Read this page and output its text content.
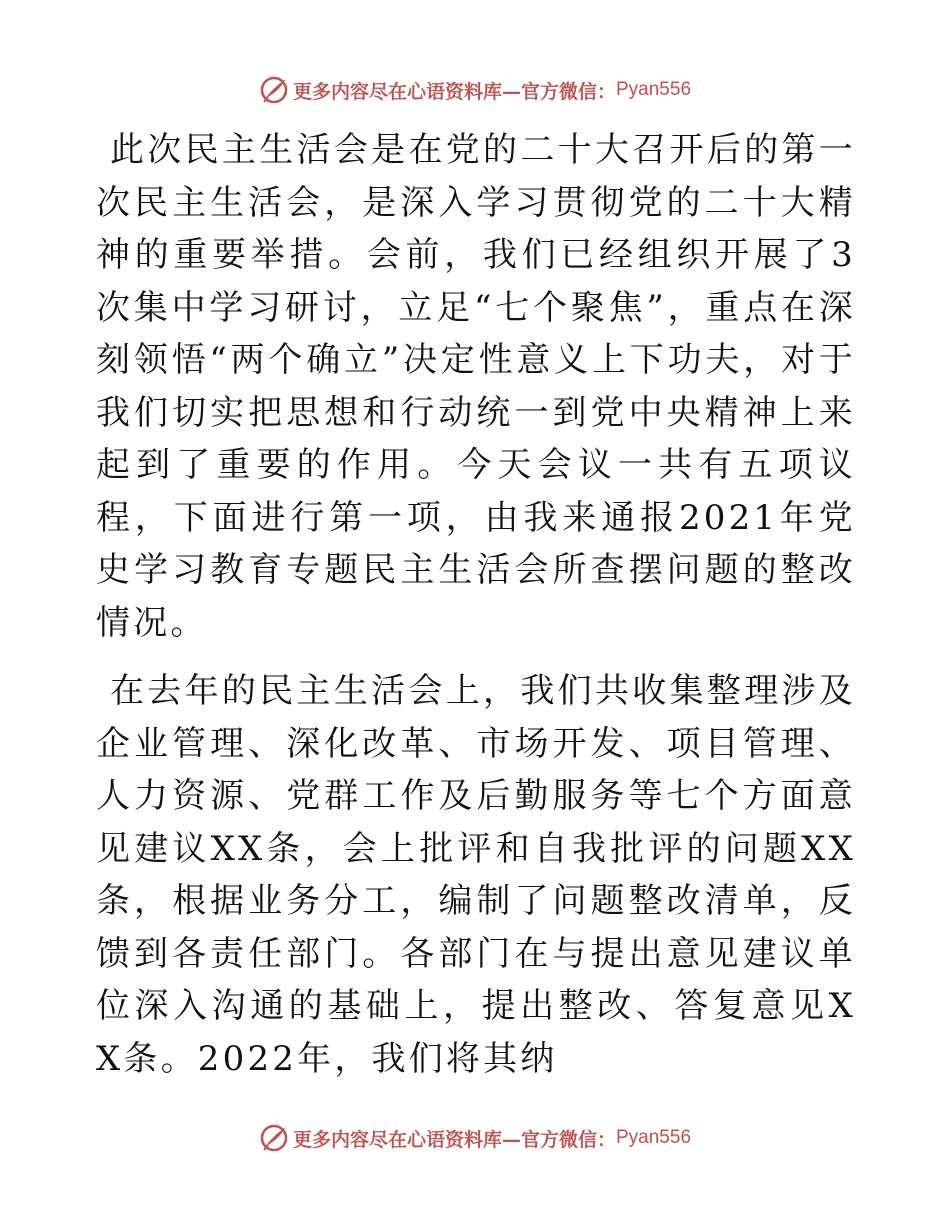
更多内容尽在心语资料库—官方微信： Pyan556

此次民主生活会是在党的二十大召开后的第一次民主生活会，是深入学习贯彻党的二十大精神的重要举措。会前，我们已经组织开展了3次集中学习研讨，立足“七个聚焦”，重点在深刻领悟“两个确立”决定性意义上下功夫，对于我们切实把思想和行动统一到党中央精神上来起到了重要的作用。今天会议一共有五项议程，下面进行第一项，由我来通报2021年党史学习教育专题民主生活会所查摆问题的整改情况。

在去年的民主生活会上，我们共收集整理涉及企业管理、深化改革、市场开发、项目管理、人力资源、党群工作及后勤服务等七个方面意见建议XX条，会上批评和自我批评的问题XX条，根据业务分工，编制了问题整改清单，反馈到各责任部门。各部门在与提出意见建议单位深入沟通的基础上，提出整改、答复意见XX条。2022年，我们将其纳

更多内容尽在心语资料库—官方微信： Pyan556
